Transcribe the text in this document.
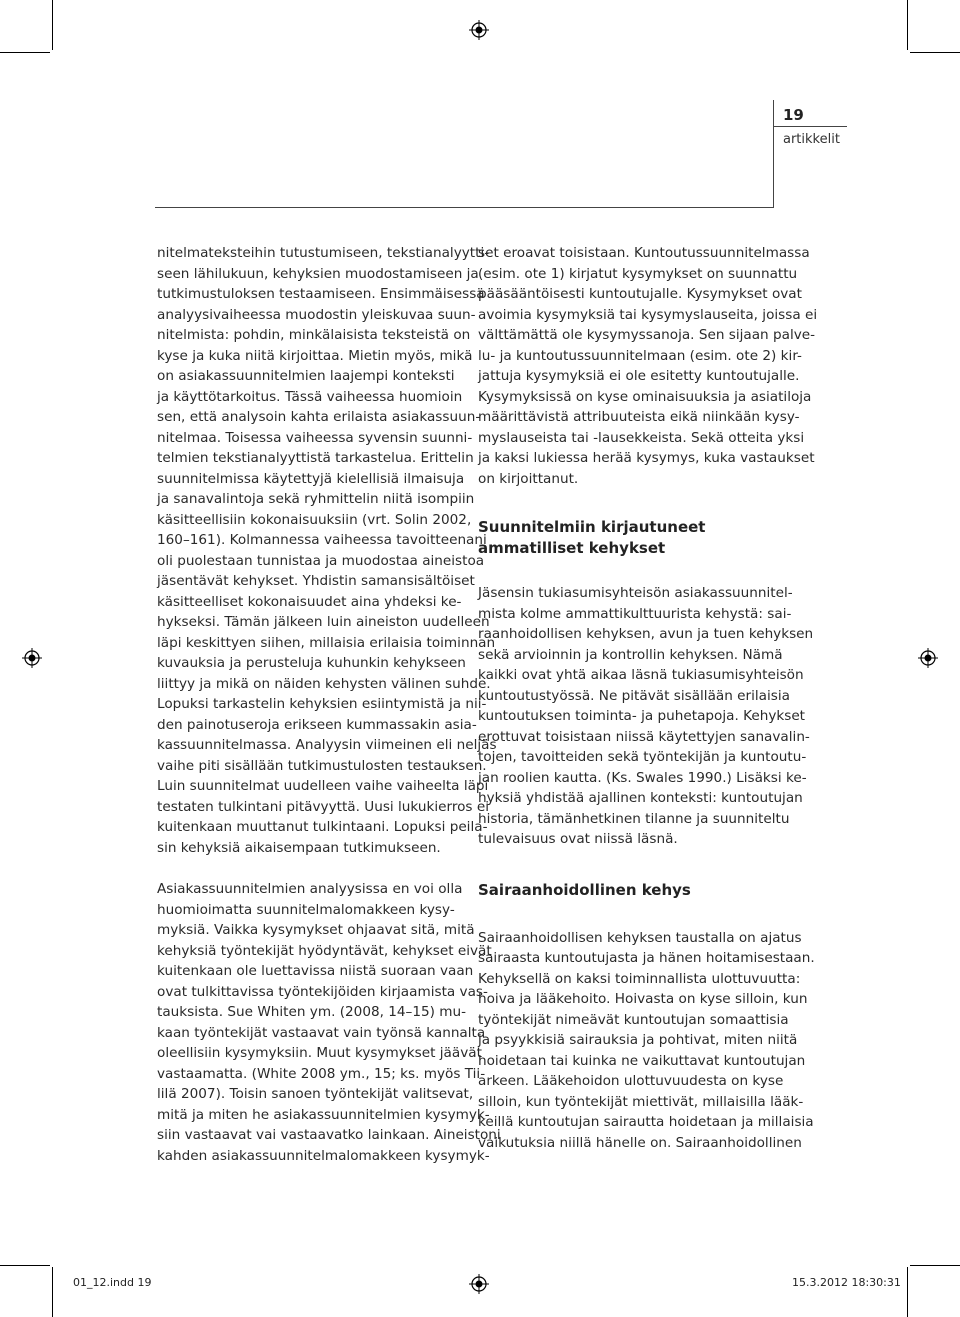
19
artikkelit

nitelmateksteihin tutustumiseen, tekstianalyytti-
seen lähilukuun, kehyksien muodostamiseen ja
tutkimustuloksen testaamiseen. Ensimmäisessä
analyysivaiheessa muodostin yleiskuvaa suun-
nitelmista: pohdin, minkälaisista teksteistä on
kyse ja kuka niitä kirjoittaa. Mietin myös, mikä
on asiakassuunnitelmien laajempi konteksti
ja käyttötarkoitus. Tässä vaiheessa huomioin
sen, että analysoin kahta erilaista asiakassuun-
nitelmaa. Toisessa vaiheessa syvensin suunni-
telmien tekstianalyyttistä tarkastelua. Erittelin
suunnitelmissa käytettyjä kielellisiä ilmaisuja
ja sanavalintoja sekä ryhmittelin niitä isompiin
käsitteellisiin kokonaisuuksiin (vrt. Solin 2002,
160–161). Kolmannessa vaiheessa tavoitteenani
oli puolestaan tunnistaa ja muodostaa aineistoa
jäsentävät kehykset. Yhdistin samansisältöiset
käsitteelliset kokonaisuudet aina yhdeksi ke-
hykseksi. Tämän jälkeen luin aineiston uudelleen
läpi keskittyen siihen, millaisia erilaisia toiminnan
kuvauksia ja perusteluja kuhunkin kehykseen
liittyy ja mikä on näiden kehysten välinen suhde.
Lopuksi tarkastelin kehyksien esiintymistä ja nii-
den painotuseroja erikseen kummassakin asia-
kassuunnitelmassa. Analyysin viimeinen eli neljäs
vaihe piti sisällään tutkimustulosten testauksen.
Luin suunnitelmat uudelleen vaihe vaiheelta läpi
testaten tulkintani pitävyyttä. Uusi lukukierros ei
kuitenkaan muuttanut tulkintaani. Lopuksi peila-
sin kehyksiä aikaisempaan tutkimukseen.

Asiakassuunnitelmien analyysissa en voi olla
huomioimatta suunnitelmalomakkeen kysy-
myksiä. Vaikka kysymykset ohjaavat sitä, mitä
kehyksiä työntekijät hyödyntävät, kehykset eivät
kuitenkaan ole luettavissa niistä suoraan vaan
ovat tulkittavissa työntekijöiden kirjaamista vas-
tauksista. Sue Whiten ym. (2008, 14–15) mu-
kaan työntekijät vastaavat vain työnsä kannalta
oleellisiin kysymyksiin. Muut kysymykset jäävät
vastaamatta. (White 2008 ym., 15; ks. myös Tii-
lilä 2007). Toisin sanoen työntekijät valitsevat,
mitä ja miten he asiakassuunnitelmien kysymyk-
siin vastaavat vai vastaavatko lainkaan. Aineistoni
kahden asiakassuunnitelmalomakkeen kysymyk-

set eroavat toisistaan. Kuntoutussuunnitelmassa
(esim. ote 1) kirjatut kysymykset on suunnattu
pääsääntöisesti kuntoutujalle. Kysymykset ovat
avoimia kysymyksiä tai kysymyslauseita, joissa ei
välttämättä ole kysymyssanoja. Sen sijaan palve-
lu- ja kuntoutussuunnitelmaan (esim. ote 2) kir-
jattuja kysymyksiä ei ole esitetty kuntoutujalle.
Kysymyksissä on kyse ominaisuuksia ja asiatiloja
määrittävistä attribuuteista eikä niinkään kysy-
myslauseista tai -lausekkeista. Sekä otteita yksi
ja kaksi lukiessa herää kysymys, kuka vastaukset
on kirjoittanut.

Suunnitelmiin kirjautuneet
ammatilliset kehykset

Jäsensin tukiasumisyhteisön asiakassuunnitel-
mista kolme ammattikulttuurista kehystä: sai-
raanhoidollisen kehyksen, avun ja tuen kehyksen
sekä arvioinnin ja kontrollin kehyksen. Nämä
kaikki ovat yhtä aikaa läsnä tukiasumisyhteisön
kuntoutustyössä. Ne pitävät sisällään erilaisia
kuntoutuksen toiminta- ja puhetapoja. Kehykset
erottuvat toisistaan niissä käytettyjen sanavalin-
tojen, tavoitteiden sekä työntekijän ja kuntoutu-
jan roolien kautta. (Ks. Swales 1990.) Lisäksi ke-
hyksiä yhdistää ajallinen konteksti: kuntoutujan
historia, tämänhetkinen tilanne ja suunniteltu
tulevaisuus ovat niissä läsnä.

Sairaanhoidollinen kehys

Sairaanhoidollisen kehyksen taustalla on ajatus
sairaasta kuntoutujasta ja hänen hoitamisestaan.
Kehyksellä on kaksi toiminnallista ulottuvuutta:
hoiva ja lääkehoito. Hoivasta on kyse silloin, kun
työntekijät nimeävät kuntoutujan somaattisia
ja psyykkisiä sairauksia ja pohtivat, miten niitä
hoidetaan tai kuinka ne vaikuttavat kuntoutujan
arkeen. Lääkehoidon ulottuvuudesta on kyse
silloin, kun työntekijät miettivät, millaisilla lääk-
keillä kuntoutujan sairautta hoidetaan ja millaisia
vaikutuksia niillä hänelle on. Sairaanhoidollinen

01_12.indd 19	15.3.2012 18:30:31
